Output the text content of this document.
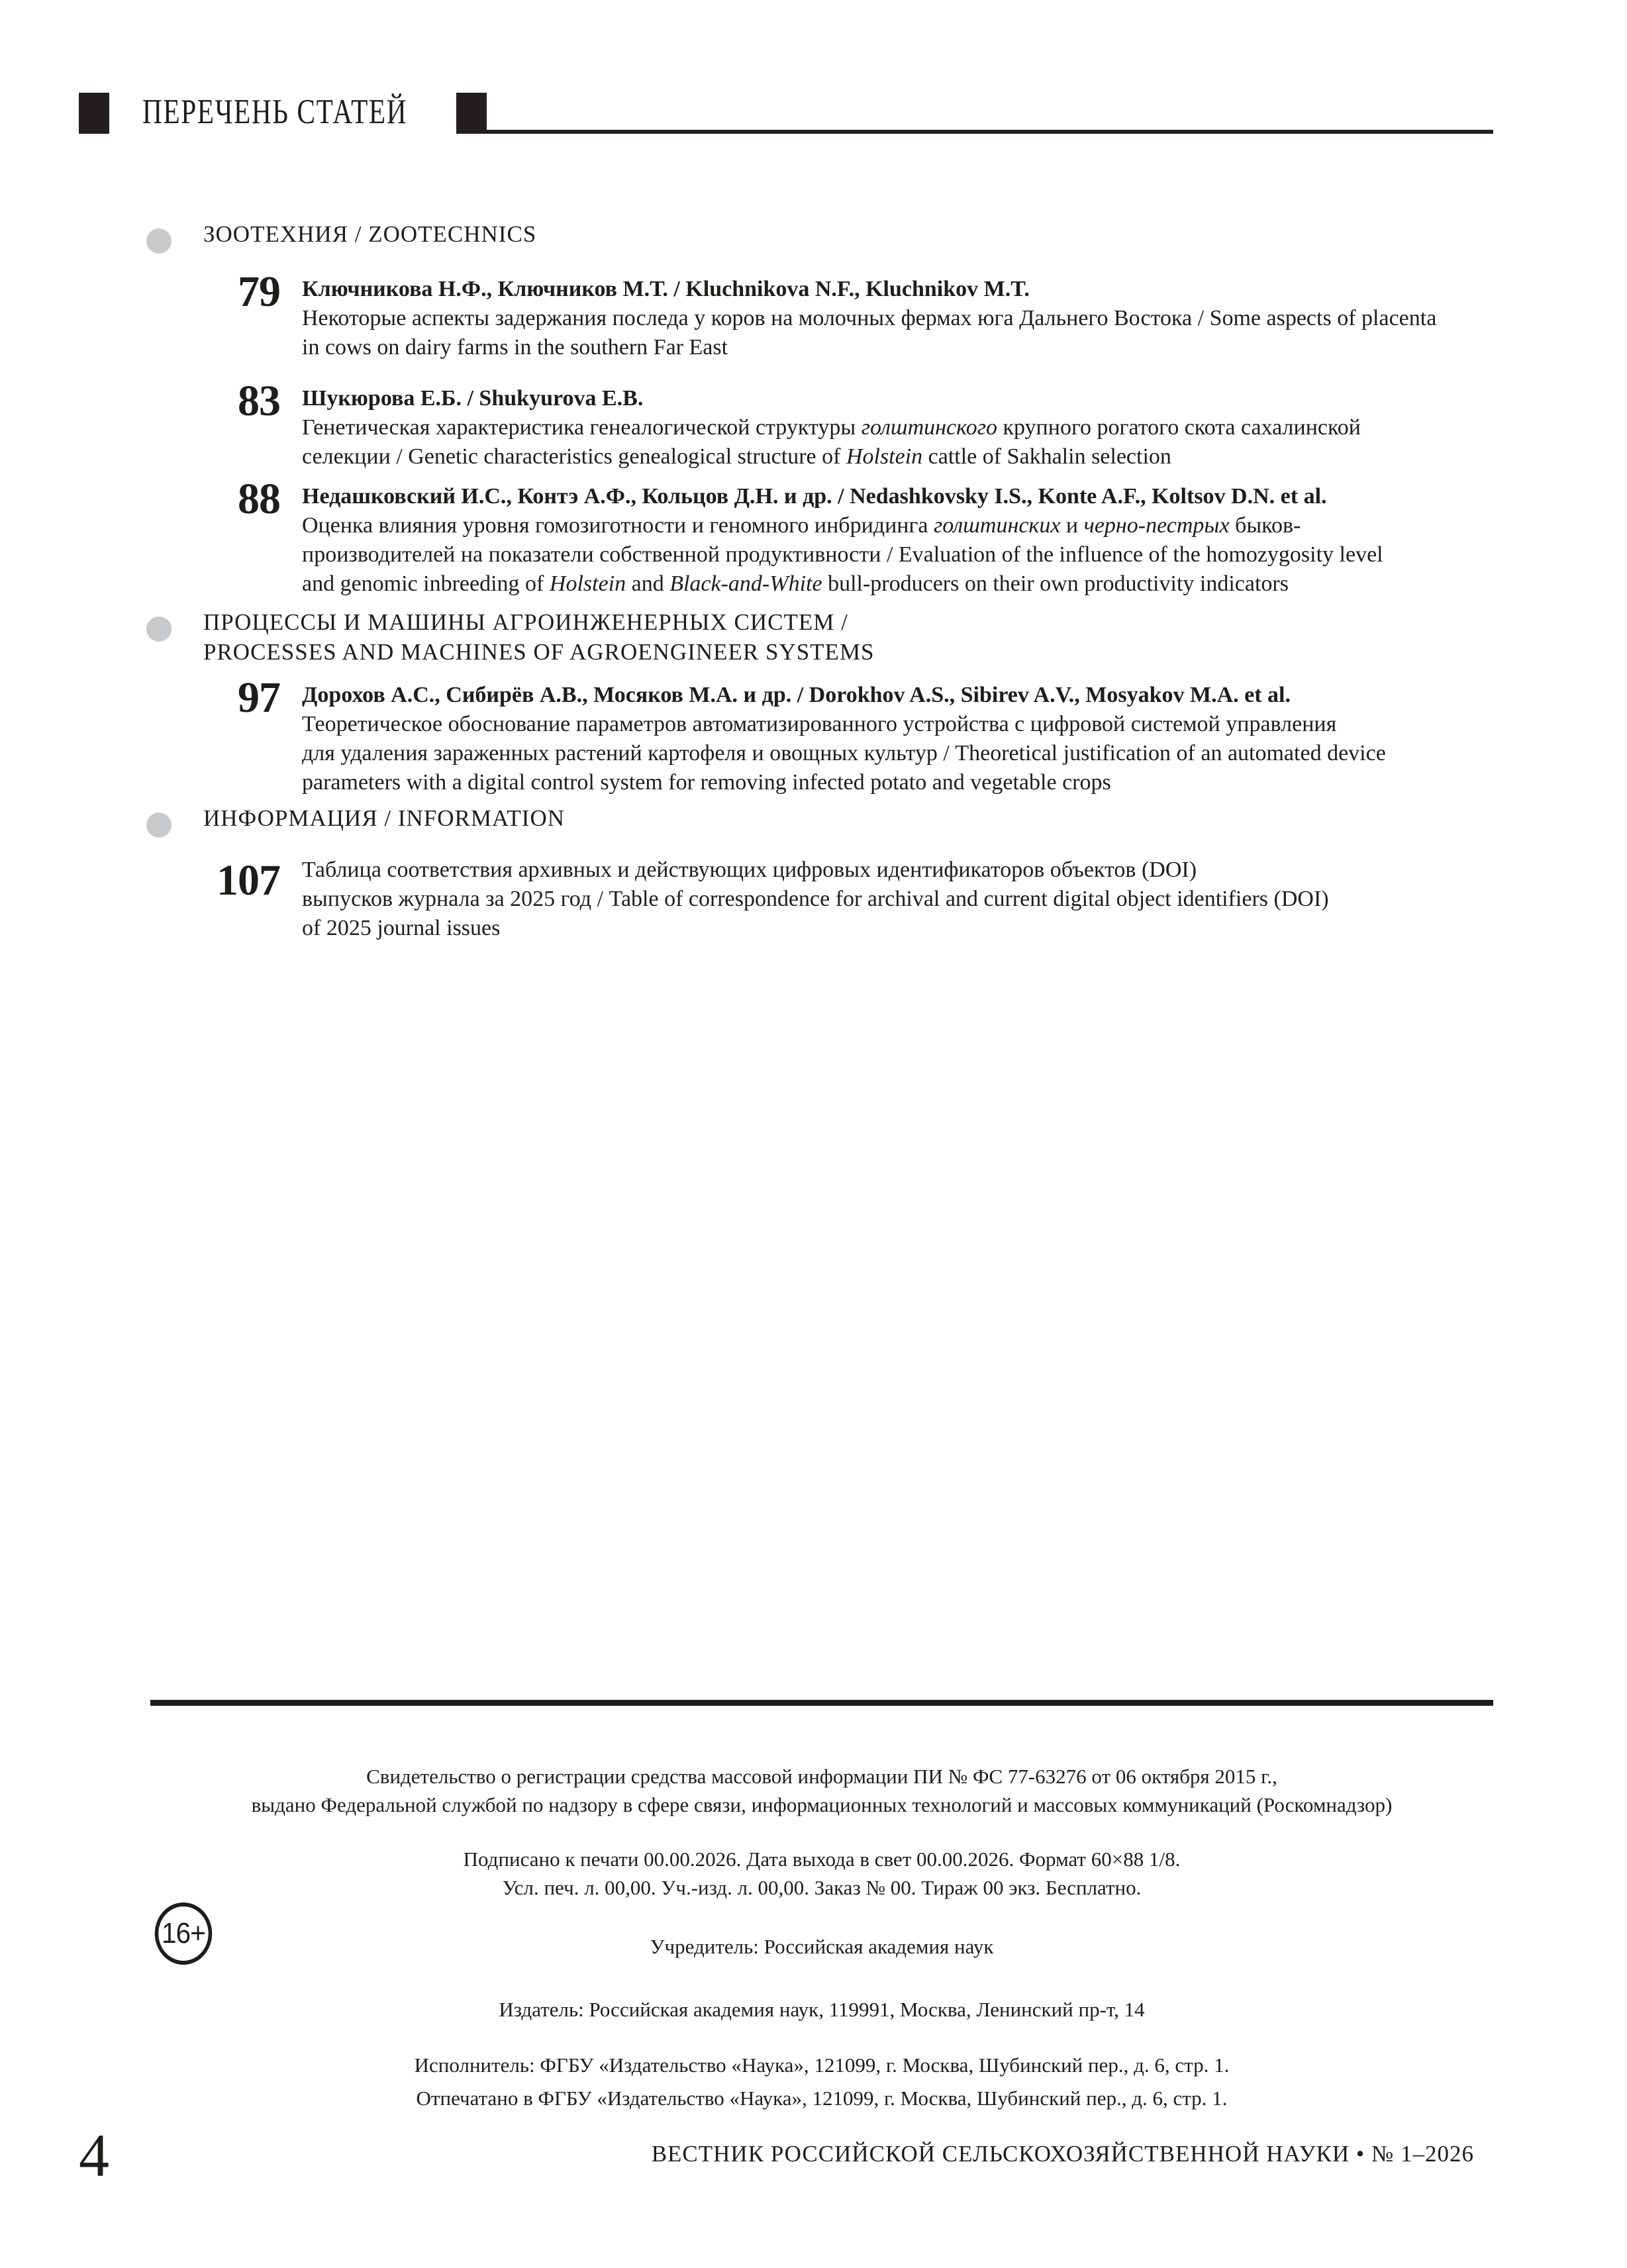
ПЕРЕЧЕНЬ СТАТЕЙ
ЗООТЕХНИЯ / ZOOTECHNICS
79 Ключникова Н.Ф., Ключников М.Т. / Kluchnikova N.F., Kluchnikov M.T.
Некоторые аспекты задержания последа у коров на молочных фермах юга Дальнего Востока / Some aspects of placenta
in cows on dairy farms in the southern Far East
83 Шукюрова Е.Б. / Shukyurova E.B.
Генетическая характеристика генеалогической структуры голштинского крупного рогатого скота сахалинской
селекции / Genetic characteristics genealogical structure of Holstein cattle of Sakhalin selection
88 Недашковский И.С., Контэ А.Ф., Кольцов Д.Н. и др. / Nedashkovsky I.S., Konte A.F., Koltsov D.N. et al.
Оценка влияния уровня гомозиготности и геномного инбридинга голштинских и черно-пестрых быков-
производителей на показатели собственной продуктивности / Evaluation of the influence of the homozygosity level
and genomic inbreeding of Holstein and Black-and-White bull-producers on their own productivity indicators
ПРОЦЕССЫ И МАШИНЫ АГРОИНЖЕНЕРНЫХ СИСТЕМ /
PROCESSES AND MACHINES OF AGROENGINEER SYSTEMS
97 Дорохов А.С., Сибирёв А.В., Мосяков М.А. и др. / Dorokhov A.S., Sibirev A.V., Mosyakov M.A. et al.
Теоретическое обоснование параметров автоматизированного устройства с цифровой системой управления
для удаления зараженных растений картофеля и овощных культур / Theoretical justification of an automated device
parameters with a digital control system for removing infected potato and vegetable crops
ИНФОРМАЦИЯ / INFORMATION
107 Таблица соответствия архивных и действующих цифровых идентификаторов объектов (DOI)
выпусков журнала за 2025 год / Table of correspondence for archival and current digital object identifiers (DOI)
of 2025 journal issues
Свидетельство о регистрации средства массовой информации ПИ № ФС 77-63276 от 06 октября 2015 г.,
выдано Федеральной службой по надзору в сфере связи, информационных технологий и массовых коммуникаций (Роскомнадзор)
Подписано к печати 00.00.2026. Дата выхода в свет 00.00.2026. Формат 60×88 1/8.
Усл. печ. л. 00,00. Уч.-изд. л. 00,00. Заказ № 00. Тираж 00 экз. Бесплатно.
Учредитель: Российская академия наук
Издатель: Российская академия наук, 119991, Москва, Ленинский пр-т, 14
Исполнитель: ФГБУ «Издательство «Наука», 121099, г. Москва, Шубинский пер., д. 6, стр. 1.
Отпечатано в ФГБУ «Издательство «Наука», 121099, г. Москва, Шубинский пер., д. 6, стр. 1.
16+
4	ВЕСТНИК РОССИЙСКОЙ СЕЛЬСКОХОЗЯЙСТВЕННОЙ НАУКИ • № 1–2026
